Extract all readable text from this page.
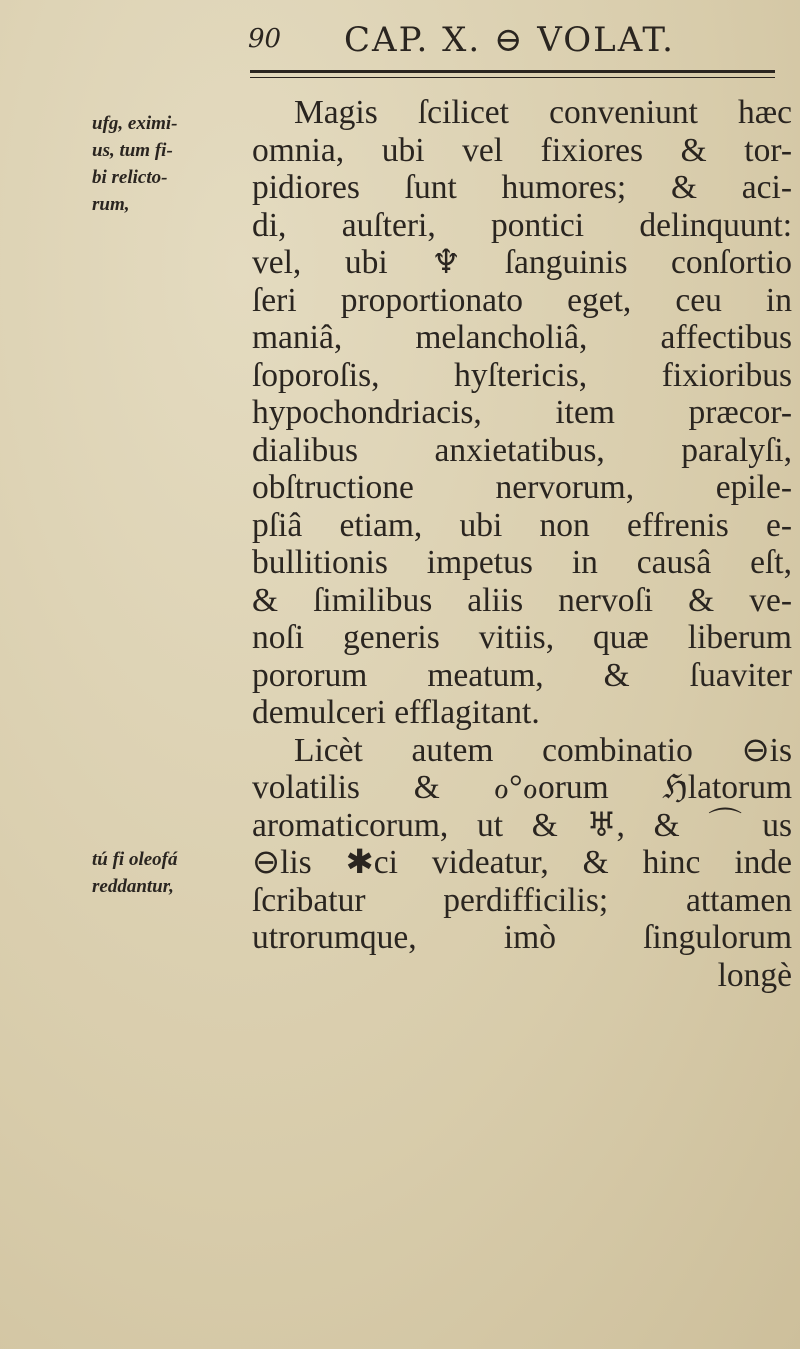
90 CAP. X. ⊖ VOLAT.
ufg, eximi-
us, tum fi-
bi relicto-
rum,
tú fi oleofá
reddantur,
Magis ſcilicet conveniunt hæc
omnia, ubi vel fixiores & tor-
pidiores ſunt humores; & aci-
di, auſteri, pontici delinquunt:
vel, ubi ♆ ſanguinis conſortio
ſeri proportionato eget, ceu in
maniâ, melancholiâ, affectibus
ſoporoſis, hyſtericis, fixioribus
hypochondriacis, item præcor-
dialibus anxietatibus, paralyſi,
obſtructione nervorum, epile-
pſiâ etiam, ubi non effrenis e-
bullitionis impetus in causâ eſt,
& ſimilibus aliis nervoſi & ve-
noſi generis vitiis, quæ liberum
pororum meatum, & ſuaviter
demulceri efflagitant.
Licèt autem combinatio ⊖is
volatilis & ℴ°ℴorum ℌlatorum
aromaticorum, ut & ♅, & ⌒us
⊖lis ✱ci videatur, & hinc inde
ſcribatur perdifficilis; attamen
utrorumque, imò ſingulorum
longè
